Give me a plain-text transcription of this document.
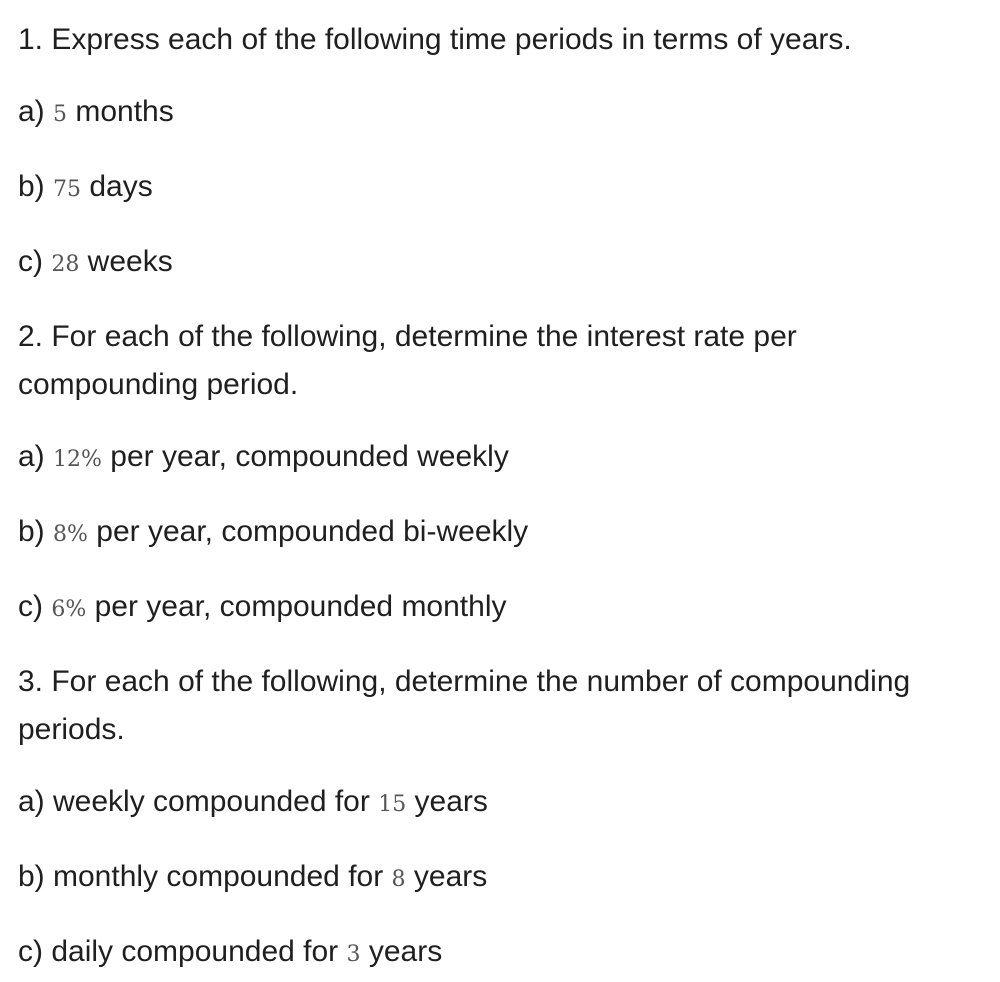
1. Express each of the following time periods in terms of years.

a) 5 months

b) 75 days

c) 28 weeks

2. For each of the following, determine the interest rate per

compounding period.

a) 12% per year, compounded weekly

b) 8% per year, compounded bi-weekly

c) 6% per year, compounded monthly

3. For each of the following, determine the number of compounding

periods.

a) weekly compounded for 15 years

b) monthly compounded for 8 years

c) daily compounded for 3 years
